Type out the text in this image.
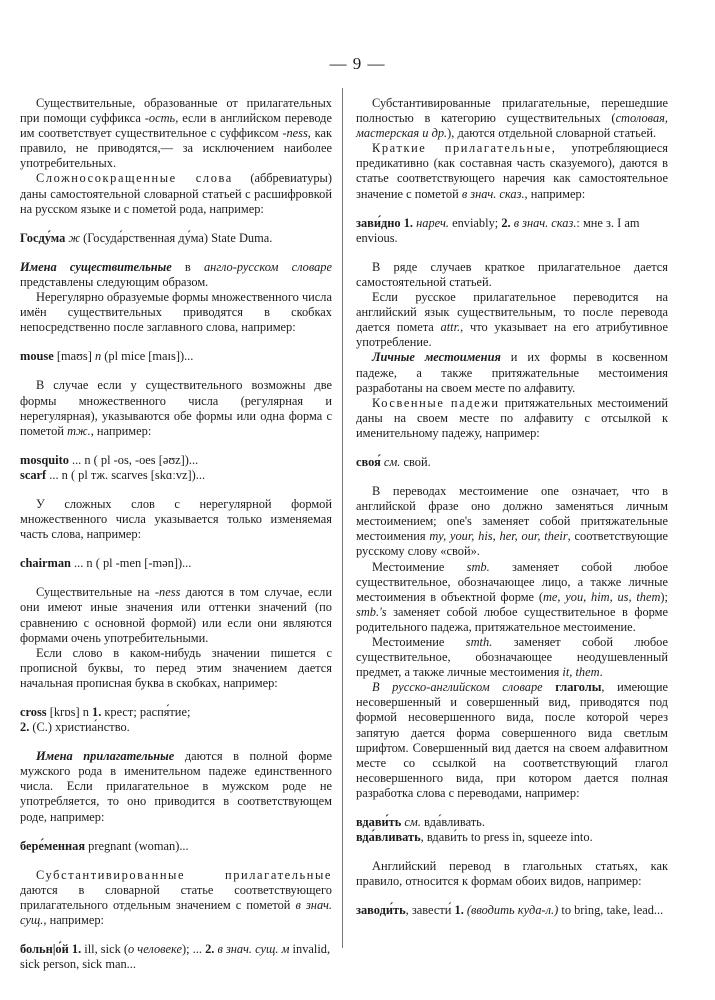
— 9 —

Существительные, образованные от прилагательных при помощи суффикса -ость, если в английском переводе им соответствует существительное с суффиксом -ness, как правило, не приводятся,— за исключением наиболее употребительных.

Сложносокращенные слова (аббревиатуры) даны самостоятельной словарной статьей с расшифровкой на русском языке и с пометой рода, например:

Госду́ма ж (Госуда́рственная ду́ма) State Duma.

Имена существительные в англо-русском словаре представлены следующим образом.

Нерегулярно образуемые формы множественного числа имён существительных приводятся в скобках непосредственно после заглавного слова, например:

mouse [maʊs] n (pl mice [maɪs])...

В случае если у существительного возможны две формы множественного числа (регулярная и нерегулярная), указываются обе формы или одна форма с пометой тж., например:

mosquito ... n ( pl -os, -oes [əʊz])...

scarf ... n ( pl тж. scarves [skɑːvz])...

У сложных слов с нерегулярной формой множественного числа указывается только изменяемая часть слова, например:

chairman ... n ( pl -men [-mən])...

Существительные на -ness даются в том случае, если они имеют иные значения или оттенки значений (по сравнению с основной формой) или если они являются формами очень употребительными.

Если слово в каком-нибудь значении пишется с прописной буквы, то перед этим значением дается начальная прописная буква в скобках, например:

cross [krɒs] n 1. крест; распя́тие;

2. (С.) христиа́нство.

Имена прилагательные даются в полной форме мужского рода в именительном падеже единственного числа. Если прилагательное в мужском роде не употребляется, то оно приводится в соответствующем роде, например:

бере́менная pregnant (woman)...

Субстантивированные прилагательные даются в словарной статье соответствующего прилагательного отдельным значением с пометой в знач. сущ., например:

больн|о́й 1. ill, sick (о человеке); ... 2. в знач. сущ. м invalid, sick person, sick man...

Субстантивированные прилагательные, перешедшие полностью в категорию существительных (столовая, мастерская и др.), даются отдельной словарной статьей.

Краткие прилагательные, употребляющиеся предикативно (как составная часть сказуемого), даются в статье соответствующего наречия как самостоятельное значение с пометой в знач. сказ., например:

зави́дно 1. нареч. enviably; 2. в знач. сказ.: мне з. I am envious.

В ряде случаев краткое прилагательное дается самостоятельной статьей.

Если русское прилагательное переводится на английский язык существительным, то после перевода дается помета attr., что указывает на его атрибутивное употребление.

Личные местоимения и их формы в косвенном падеже, а также притяжательные местоимения разработаны на своем месте по алфавиту.

Косвенные падежи притяжательных местоимений даны на своем месте по алфавиту с отсылкой к именительному падежу, например:

своя́ см. свой.

В переводах местоимение one означает, что в английской фразе оно должно заменяться личным местоимением; one's заменяет собой притяжательные местоимения my, your, his, her, our, their, соответствующие русскому слову «свой».

Местоимение smb. заменяет собой любое существительное, обозначающее лицо, а также личные местоимения в объектной форме (me, you, him, us, them); smb.'s заменяет собой любое существительное в форме родительного падежа, притяжательное местоимение.

Местоимение smth. заменяет собой любое существительное, обозначающее неодушевленный предмет, а также личные местоимения it, them.

В русско-английском словаре глаголы, имеющие несовершенный и совершенный вид, приводятся под формой несовершенного вида, после которой через запятую дается форма совершенного вида светлым шрифтом. Совершенный вид дается на своем алфавитном месте со ссылкой на соответствующий глагол несовершенного вида, при котором дается полная разработка слова с переводами, например:

вдави́ть см. вда́вливать.

вда́вливать, вдави́ть to press in, squeeze into.

Английский перевод в глагольных статьях, как правило, относится к формам обоих видов, например:

заводи́ть, завести́ 1. (вводить куда-л.) to bring, take, lead...
